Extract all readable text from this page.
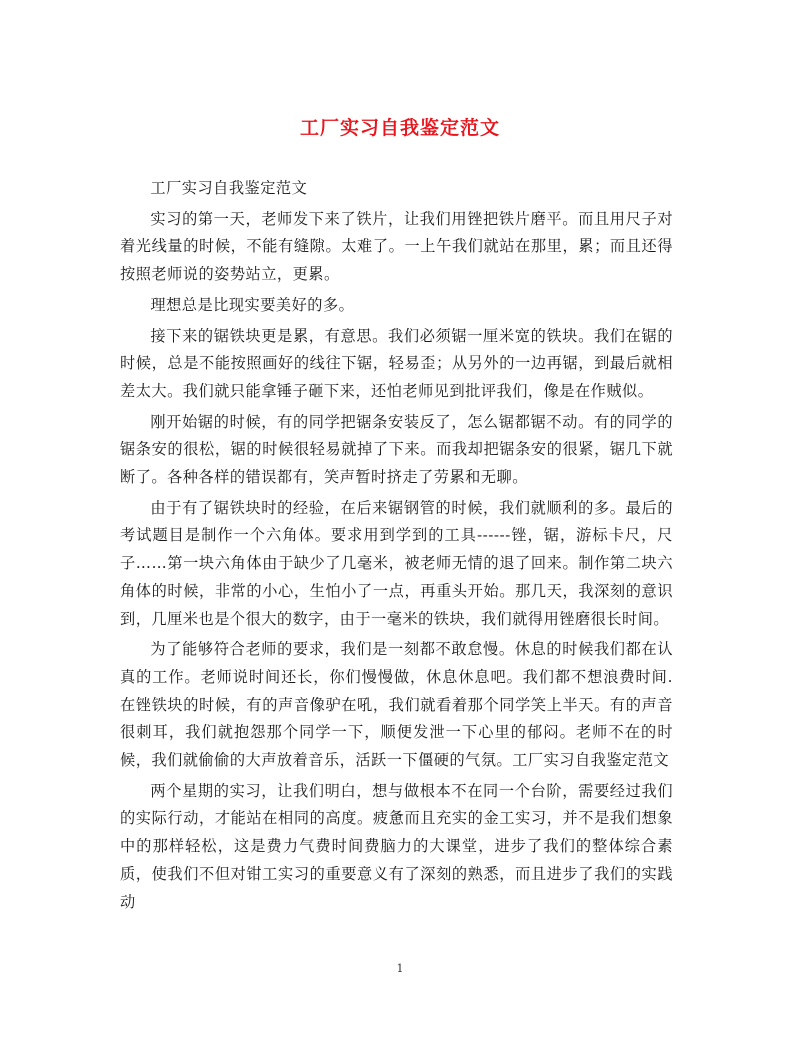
工厂实习自我鉴定范文

工厂实习自我鉴定范文

实习的第一天，老师发下来了铁片，让我们用锉把铁片磨平。而且用尺子对着光线量的时候，不能有缝隙。太难了。一上午我们就站在那里，累；而且还得按照老师说的姿势站立，更累。

理想总是比现实要美好的多。

接下来的锯铁块更是累，有意思。我们必须锯一厘米宽的铁块。我们在锯的时候，总是不能按照画好的线往下锯，轻易歪；从另外的一边再锯，到最后就相差太大。我们就只能拿锤子砸下来，还怕老师见到批评我们，像是在作贼似。

刚开始锯的时候，有的同学把锯条安装反了，怎么锯都锯不动。有的同学的锯条安的很松，锯的时候很轻易就掉了下来。而我却把锯条安的很紧，锯几下就断了。各种各样的错误都有，笑声暂时挤走了劳累和无聊。

由于有了锯铁块时的经验，在后来锯钢管的时候，我们就顺利的多。最后的考试题目是制作一个六角体。要求用到学到的工具------锉，锯，游标卡尺，尺子……第一块六角体由于缺少了几毫米，被老师无情的退了回来。制作第二块六角体的时候，非常的小心，生怕小了一点，再重头开始。那几天，我深刻的意识到，几厘米也是个很大的数字，由于一毫米的铁块，我们就得用锉磨很长时间。

为了能够符合老师的要求，我们是一刻都不敢怠慢。休息的时候我们都在认真的工作。老师说时间还长，你们慢慢做，休息休息吧。我们都不想浪费时间.在锉铁块的时候，有的声音像驴在吼，我们就看着那个同学笑上半天。有的声音很刺耳，我们就抱怨那个同学一下，顺便发泄一下心里的郁闷。老师不在的时候，我们就偷偷的大声放着音乐，活跃一下僵硬的气氛。工厂实习自我鉴定范文

两个星期的实习，让我们明白，想与做根本不在同一个台阶，需要经过我们的实际行动，才能站在相同的高度。疲惫而且充实的金工实习，并不是我们想象中的那样轻松，这是费力气费时间费脑力的大课堂，进步了我们的整体综合素质，使我们不但对钳工实习的重要意义有了深刻的熟悉，而且进步了我们的实践动

1
